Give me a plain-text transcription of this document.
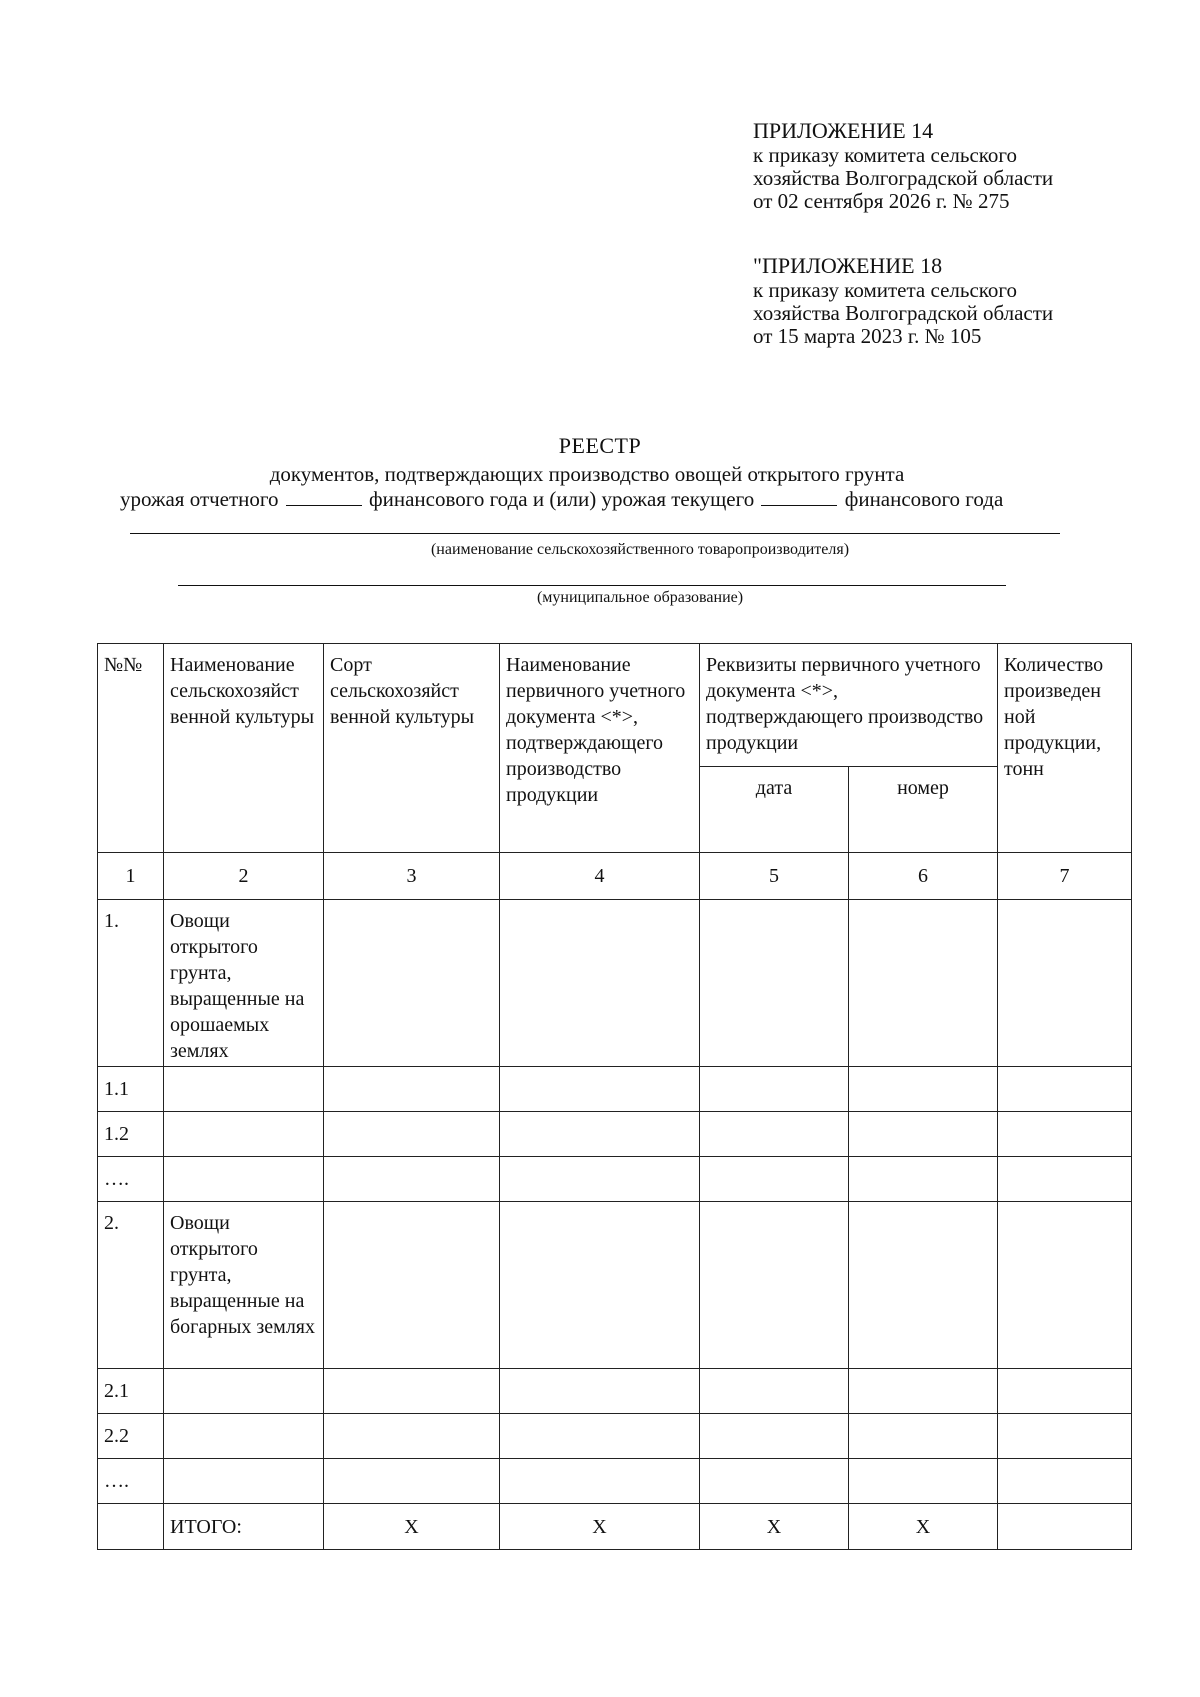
ПРИЛОЖЕНИЕ 14
к приказу комитета сельского
хозяйства Волгоградской области
от 02 сентября 2026 г. № 275
"ПРИЛОЖЕНИЕ 18
к приказу комитета сельского
хозяйства Волгоградской области
от 15 марта 2023 г. № 105
РЕЕСТР
документов, подтверждающих производство овощей открытого грунта
урожая отчетного	финансового года и (или) урожая текущего	финансового года
(наименование сельскохозяйственного товаропроизводителя)
(муниципальное образование)
№№	Наименование сельскохозяйст венной культуры	Сорт сельскохозяйст венной культуры	Наименование первичного учетного документа <*>, подтверждающего производство продукции	Реквизиты первичного учетного документа <*>, подтверждающего производство продукции		Количество произведен ной продукции, тонн
				дата	номер	
1	2	3	4	5	6	7
1.	Овощи открытого грунта, выращенные на орошаемых землях					
1.1						
1.2						
….						
2.	Овощи открытого грунта, выращенные на богарных землях					
2.1						
2.2						
….						
	ИТОГО:	X	X	X	X	
